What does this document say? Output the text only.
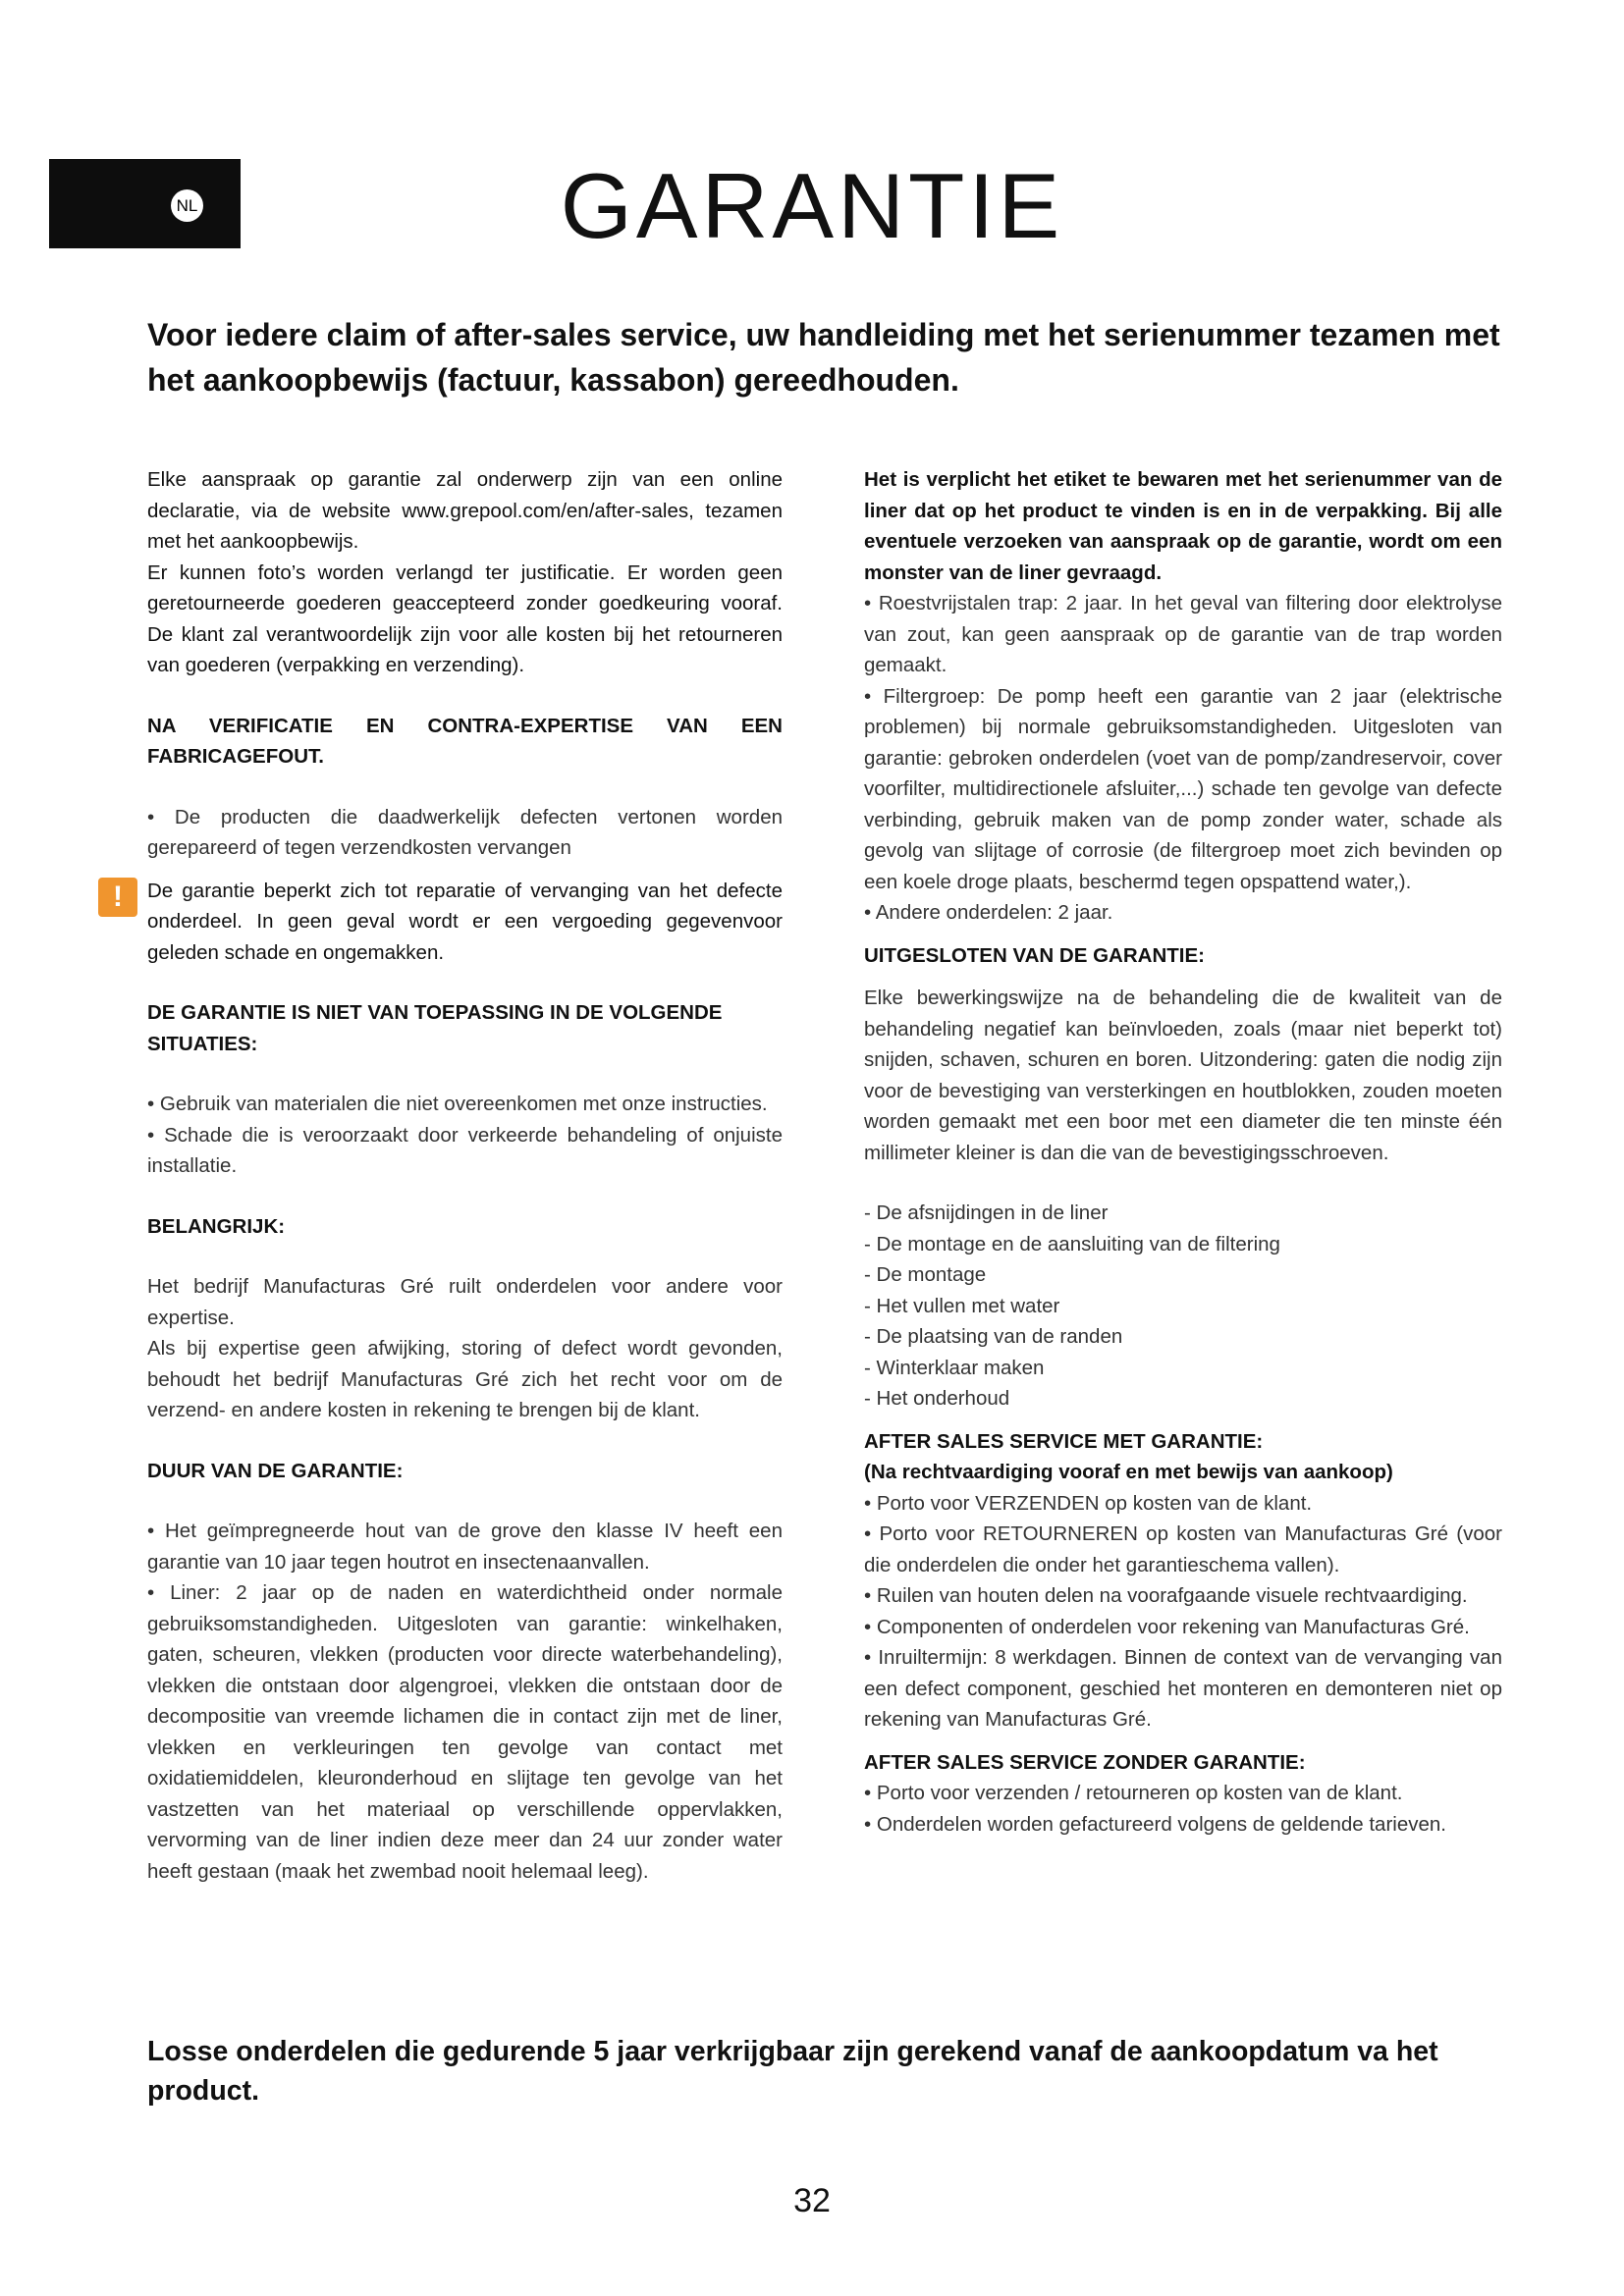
NL	GARANTIE

Voor iedere claim of after-sales service, uw handleiding met het serienummer tezamen met het aankoopbewijs (factuur, kassabon) gereedhouden.

Elke aanspraak op garantie zal onderwerp zijn van een online declaratie, via de website www.grepool.com/en/after-sales, tezamen met het aankoopbewijs.

Er kunnen foto’s worden verlangd ter justificatie. Er worden geen geretourneerde goederen geaccepteerd zonder goedkeuring vooraf. De klant zal verantwoordelijk zijn voor alle kosten bij het retourneren van goederen (verpakking en verzending).

NA VERIFICATIE EN CONTRA-EXPERTISE VAN EEN FABRICAGEFOUT.

• De producten die daadwerkelijk defecten vertonen worden gerepareerd of tegen verzendkosten vervangen

!	De garantie beperkt zich tot reparatie of vervanging van het defecte onderdeel. In geen geval wordt er een vergoeding gegevenvoor geleden schade en ongemakken.

DE GARANTIE IS NIET VAN TOEPASSING IN DE VOLGENDE SITUATIES:

• Gebruik van materialen die niet overeenkomen met onze instructies.

• Schade die is veroorzaakt door verkeerde behandeling of onjuiste installatie.

BELANGRIJK:

Het bedrijf Manufacturas Gré ruilt onderdelen voor andere voor expertise.

Als bij expertise geen afwijking, storing of defect wordt gevonden, behoudt het bedrijf Manufacturas Gré zich het recht voor om de verzend- en andere kosten in rekening te brengen bij de klant.

DUUR VAN DE GARANTIE:

• Het geïmpregneerde hout van de grove den klasse IV heeft een garantie van 10 jaar tegen houtrot en insectenaanvallen.

• Liner: 2 jaar op de naden en waterdichtheid onder normale gebruiksomstandigheden. Uitgesloten van garantie: winkelhaken, gaten, scheuren, vlekken (producten voor directe waterbehandeling), vlekken die ontstaan door algengroei, vlekken die ontstaan door de decompositie van vreemde lichamen die in contact zijn met de liner, vlekken en verkleuringen ten gevolge van contact met oxidatiemiddelen, kleuronderhoud en slijtage ten gevolge van het vastzetten van het materiaal op verschillende oppervlakken, vervorming van de liner indien deze meer dan 24 uur zonder water heeft gestaan (maak het zwembad nooit helemaal leeg).

Het is verplicht het etiket te bewaren met het serienummer van de liner dat op het product te vinden is en in de verpakking. Bij alle eventuele verzoeken van aanspraak op de garantie, wordt om een monster van de liner gevraagd.

• Roestvrijstalen trap: 2 jaar. In het geval van filtering door elektrolyse van zout, kan geen aanspraak op de garantie van de trap worden gemaakt.

• Filtergroep: De pomp heeft een garantie van 2 jaar (elektrische problemen) bij normale gebruiksomstandigheden. Uitgesloten van garantie: gebroken onderdelen (voet van de pomp/zandreservoir, cover voorfilter, multidirectionele afsluiter,...) schade ten gevolge van defecte verbinding, gebruik maken van de pomp zonder water, schade als gevolg van slijtage of corrosie (de filtergroep moet zich bevinden op een koele droge plaats, beschermd tegen opspattend water,).

• Andere onderdelen: 2 jaar.

UITGESLOTEN VAN DE GARANTIE:

Elke bewerkingswijze na de behandeling die de kwaliteit van de behandeling negatief kan beïnvloeden, zoals (maar niet beperkt tot) snijden, schaven, schuren en boren. Uitzondering: gaten die nodig zijn voor de bevestiging van versterkingen en houtblokken, zouden moeten worden gemaakt met een boor met een diameter die ten minste één millimeter kleiner is dan die van de bevestigingsschroeven.

- De afsnijdingen in de liner

- De montage en de aansluiting van de filtering

- De montage

- Het vullen met water

- De plaatsing van de randen

- Winterklaar maken

- Het onderhoud

AFTER SALES SERVICE MET GARANTIE:

(Na rechtvaardiging vooraf en met bewijs van aankoop)

• Porto voor VERZENDEN op kosten van de klant.

• Porto voor RETOURNEREN op kosten van Manufacturas Gré (voor die onderdelen die onder het garantieschema vallen).

• Ruilen van houten delen na voorafgaande visuele rechtvaardiging.

• Componenten of onderdelen voor rekening van Manufacturas Gré.

• Inruiltermijn: 8 werkdagen. Binnen de context van de vervanging van een defect component, geschied het monteren en demonteren niet op rekening van Manufacturas Gré.

AFTER SALES SERVICE ZONDER GARANTIE:

• Porto voor verzenden / retourneren op kosten van de klant.

• Onderdelen worden gefactureerd volgens de geldende tarieven.

Losse onderdelen die gedurende 5 jaar verkrijgbaar zijn gerekend vanaf de aankoopdatum va het product.

32
